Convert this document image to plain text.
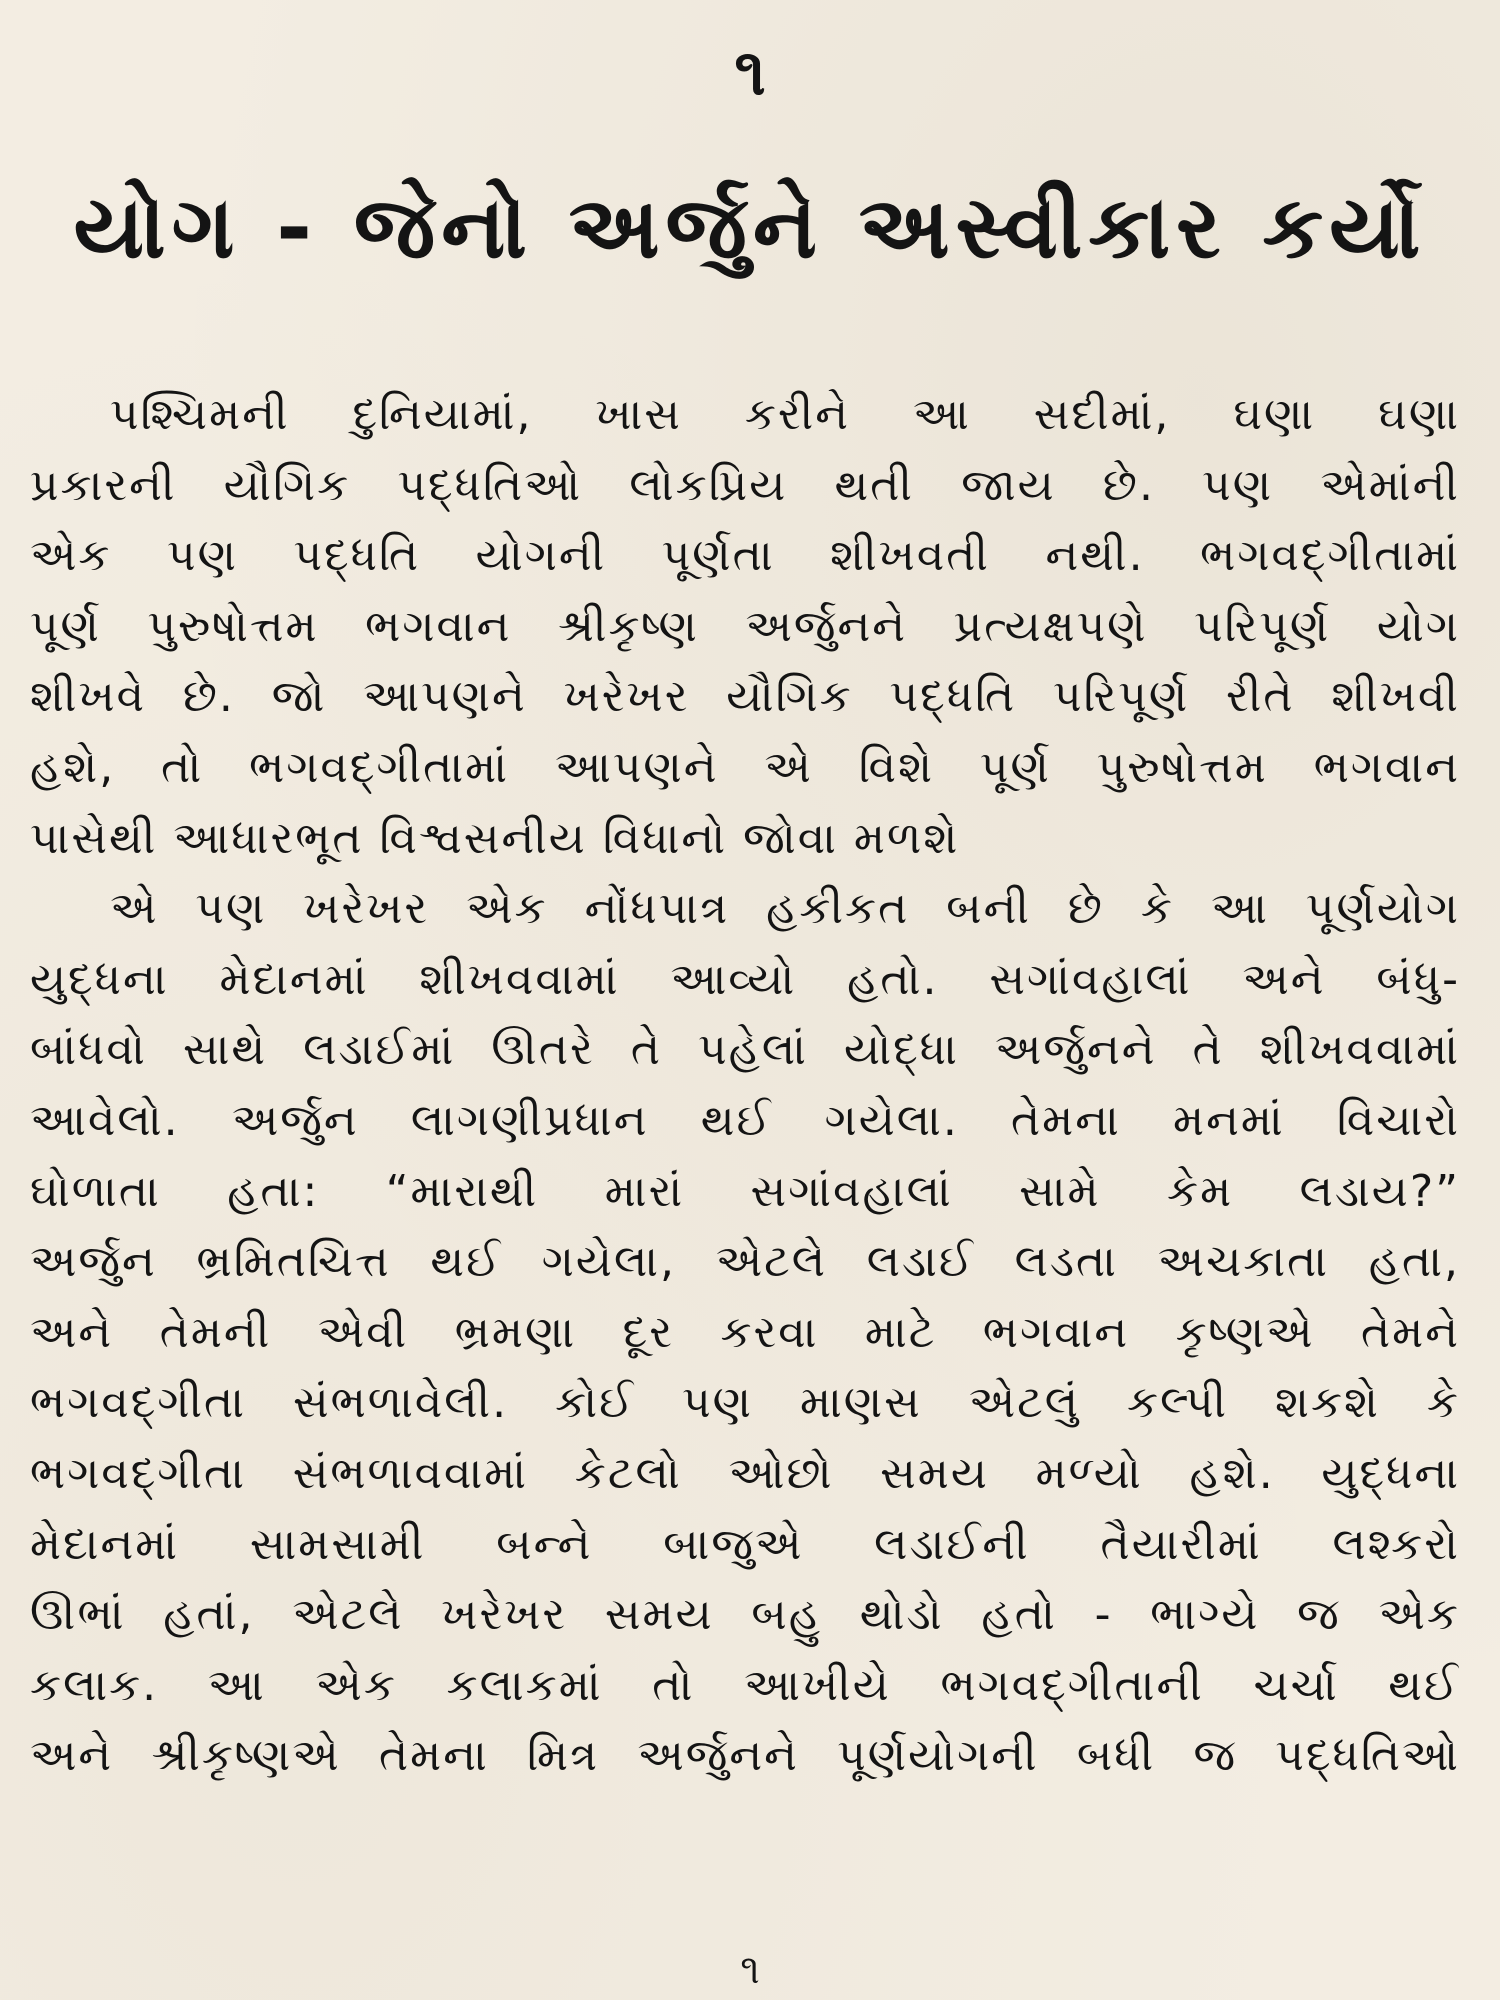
૧
યોગ - જેનો અર્જુને અસ્વીકાર કર્યો
પશ્ચિમની દુનિયામાં, ખાસ કરીને આ સદીમાં, ઘણા ઘણા
પ્રકારની યૌગિક પદ્ધતિઓ લોકપ્રિય થતી જાય છે. પણ એમાંની
એક પણ પદ્ધતિ યોગની પૂર્ણતા શીખવતી નથી. ભગવદ્ગીતામાં
પૂર્ણ પુરુષોત્તમ ભગવાન શ્રીકૃષ્ણ અર્જુનને પ્રત્યક્ષપણે પરિપૂર્ણ યોગ
શીખવે છે. જો આપણને ખરેખર યૌગિક પદ્ધતિ પરિપૂર્ણ રીતે શીખવી
હશે, તો ભગવદ્ગીતામાં આપણને એ વિશે પૂર્ણ પુરુષોત્તમ ભગવાન
પાસેથી આધારભૂત વિશ્વસનીય વિધાનો જોવા મળશે
એ પણ ખરેખર એક નોંધપાત્ર હકીકત બની છે કે આ પૂર્ણયોગ
યુદ્ધના મેદાનમાં શીખવવામાં આવ્યો હતો. સગાંવહાલાં અને બંધુ-
બાંધવો સાથે લડાઈમાં ઊતરે તે પહેલાં યોદ્ધા અર્જુનને તે શીખવવામાં
આવેલો. અર્જુન લાગણીપ્રધાન થઈ ગયેલા. તેમના મનમાં વિચારો
ઘોળાતા હતા: “મારાથી મારાં સગાંવહાલાં સામે કેમ લડાય?”
અર્જુન ભ્રમિતચિત્ત થઈ ગયેલા, એટલે લડાઈ લડતા અચકાતા હતા,
અને તેમની એવી ભ્રમણા દૂર કરવા માટે ભગવાન કૃષ્ણએ તેમને
ભગવદ્ગીતા સંભળાવેલી. કોઈ પણ માણસ એટલું કલ્પી શકશે કે
ભગવદ્ગીતા સંભળાવવામાં કેટલો ઓછો સમય મળ્યો હશે. યુદ્ધના
મેદાનમાં સામસામી બન્ને બાજુએ લડાઈની તૈયારીમાં લશ્કરો
ઊભાં હતાં, એટલે ખરેખર સમય બહુ થોડો હતો - ભાગ્યે જ એક
કલાક. આ એક કલાકમાં તો આખીયે ભગવદ્ગીતાની ચર્ચા થઈ
અને શ્રીકૃષ્ણએ તેમના મિત્ર અર્જુનને પૂર્ણયોગની બધી જ પદ્ધતિઓ
૧
